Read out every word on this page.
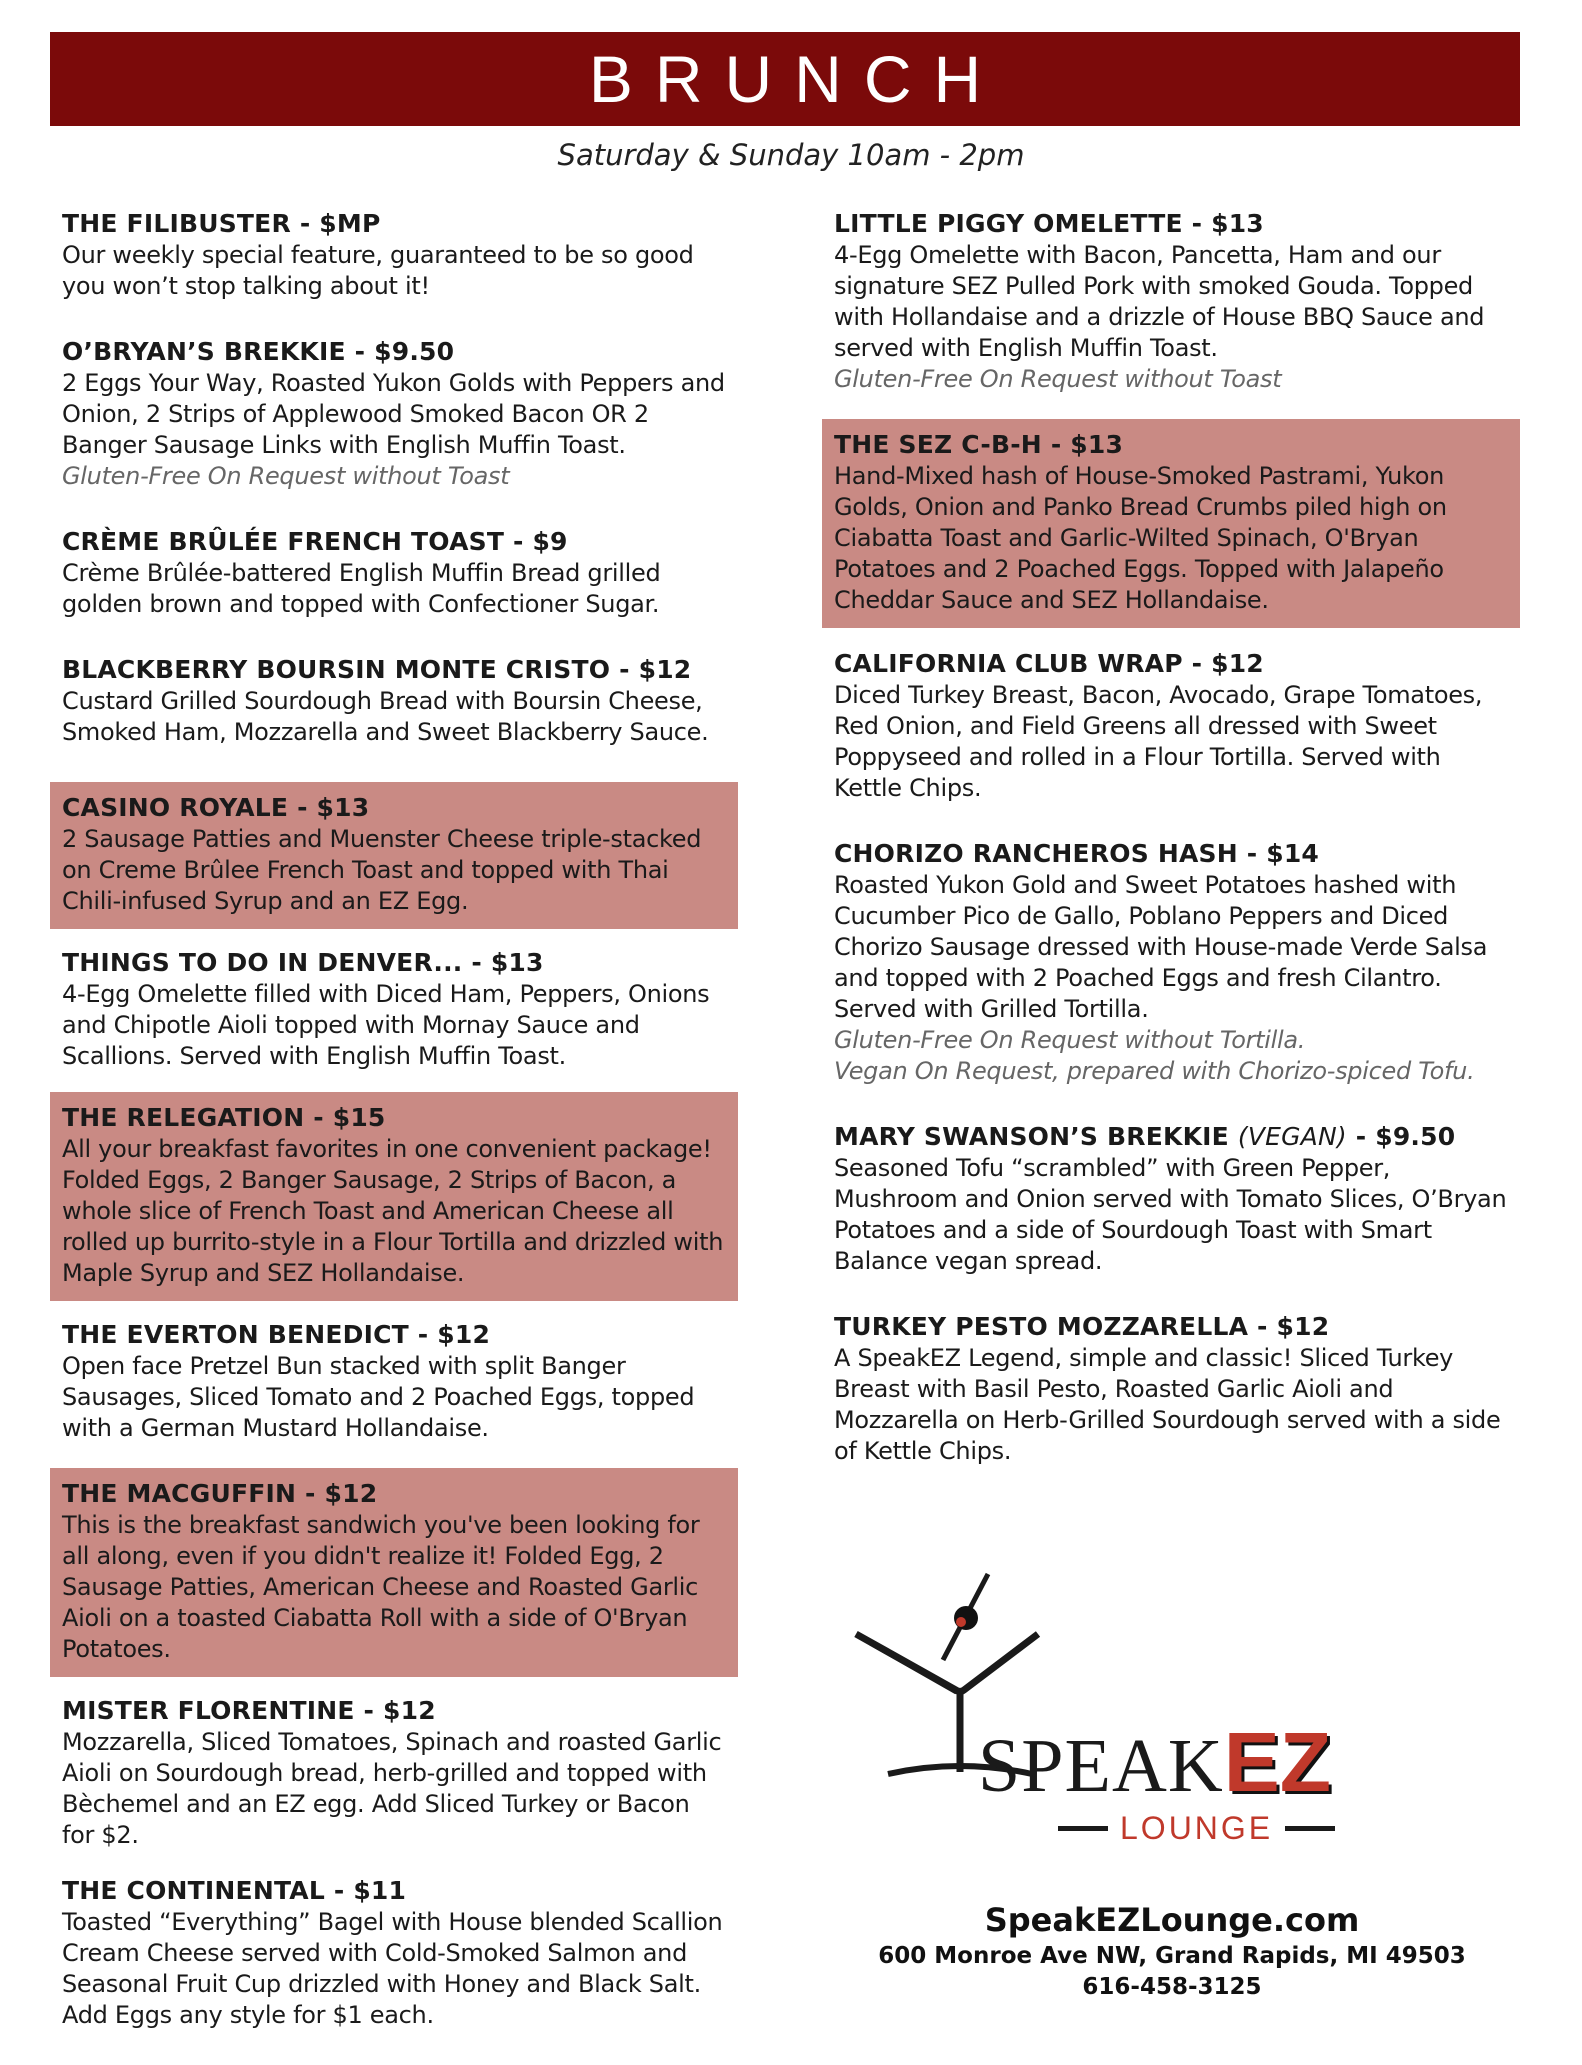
BRUNCH
Saturday & Sunday 10am - 2pm
THE FILIBUSTER - $MP
Our weekly special feature, guaranteed to be so good you won’t stop talking about it!
O’BRYAN’S BREKKIE - $9.50
2 Eggs Your Way, Roasted Yukon Golds with Peppers and Onion, 2 Strips of Applewood Smoked Bacon OR 2 Banger Sausage Links with English Muffin Toast.
Gluten-Free On Request without Toast
CRÈME BRÛLÉE FRENCH TOAST - $9
Crème Brûlée-battered English Muffin Bread grilled golden brown and topped with Confectioner Sugar.
BLACKBERRY BOURSIN MONTE CRISTO - $12
Custard Grilled Sourdough Bread with Boursin Cheese, Smoked Ham, Mozzarella and Sweet Blackberry Sauce.
CASINO ROYALE - $13
2 Sausage Patties and Muenster Cheese triple-stacked on Creme Brûlee French Toast and topped with Thai Chili-infused Syrup and an EZ Egg.
THINGS TO DO IN DENVER... - $13
4-Egg Omelette filled with Diced Ham, Peppers, Onions and Chipotle Aioli topped with Mornay Sauce and Scallions. Served with English Muffin Toast.
THE RELEGATION - $15
All your breakfast favorites in one convenient package! Folded Eggs, 2 Banger Sausage, 2 Strips of Bacon, a whole slice of French Toast and American Cheese all rolled up burrito-style in a Flour Tortilla and drizzled with Maple Syrup and SEZ Hollandaise.
THE EVERTON BENEDICT - $12
Open face Pretzel Bun stacked with split Banger Sausages, Sliced Tomato and 2 Poached Eggs, topped with a German Mustard Hollandaise.
THE MACGUFFIN - $12
This is the breakfast sandwich you've been looking for all along, even if you didn't realize it! Folded Egg, 2 Sausage Patties, American Cheese and Roasted Garlic Aioli on a toasted Ciabatta Roll with a side of O'Bryan Potatoes.
MISTER FLORENTINE - $12
Mozzarella, Sliced Tomatoes, Spinach and roasted Garlic Aioli on Sourdough bread, herb-grilled and topped with Bèchemel and an EZ egg. Add Sliced Turkey or Bacon for $2.
THE CONTINENTAL - $11
Toasted “Everything” Bagel with House blended Scallion Cream Cheese served with Cold-Smoked Salmon and Seasonal Fruit Cup drizzled with Honey and Black Salt. Add Eggs any style for $1 each.
LITTLE PIGGY OMELETTE - $13
4-Egg Omelette with Bacon, Pancetta, Ham and our signature SEZ Pulled Pork with smoked Gouda. Topped with Hollandaise and a drizzle of House BBQ Sauce and served with English Muffin Toast.
Gluten-Free On Request without Toast
THE SEZ C-B-H - $13
Hand-Mixed hash of House-Smoked Pastrami, Yukon Golds, Onion and Panko Bread Crumbs piled high on Ciabatta Toast and Garlic-Wilted Spinach, O'Bryan Potatoes and 2 Poached Eggs. Topped with Jalapeño Cheddar Sauce and SEZ Hollandaise.
CALIFORNIA CLUB WRAP - $12
Diced Turkey Breast, Bacon, Avocado, Grape Tomatoes, Red Onion, and Field Greens all dressed with Sweet Poppyseed and rolled in a Flour Tortilla. Served with Kettle Chips.
CHORIZO RANCHEROS HASH - $14
Roasted Yukon Gold and Sweet Potatoes hashed with Cucumber Pico de Gallo, Poblano Peppers and Diced Chorizo Sausage dressed with House-made Verde Salsa and topped with 2 Poached Eggs and fresh Cilantro. Served with Grilled Tortilla.
Gluten-Free On Request without Tortilla.
Vegan On Request, prepared with Chorizo-spiced Tofu.
MARY SWANSON’S BREKKIE (VEGAN) - $9.50
Seasoned Tofu “scrambled” with Green Pepper, Mushroom and Onion served with Tomato Slices, O’Bryan Potatoes and a side of Sourdough Toast with Smart Balance vegan spread.
TURKEY PESTO MOZZARELLA - $12
A SpeakEZ Legend, simple and classic! Sliced Turkey Breast with Basil Pesto, Roasted Garlic Aioli and Mozzarella on Herb-Grilled Sourdough served with a side of Kettle Chips.
SPEAKEZ
LOUNGE
SpeakEZLounge.com
600 Monroe Ave NW, Grand Rapids, MI 49503
616-458-3125
